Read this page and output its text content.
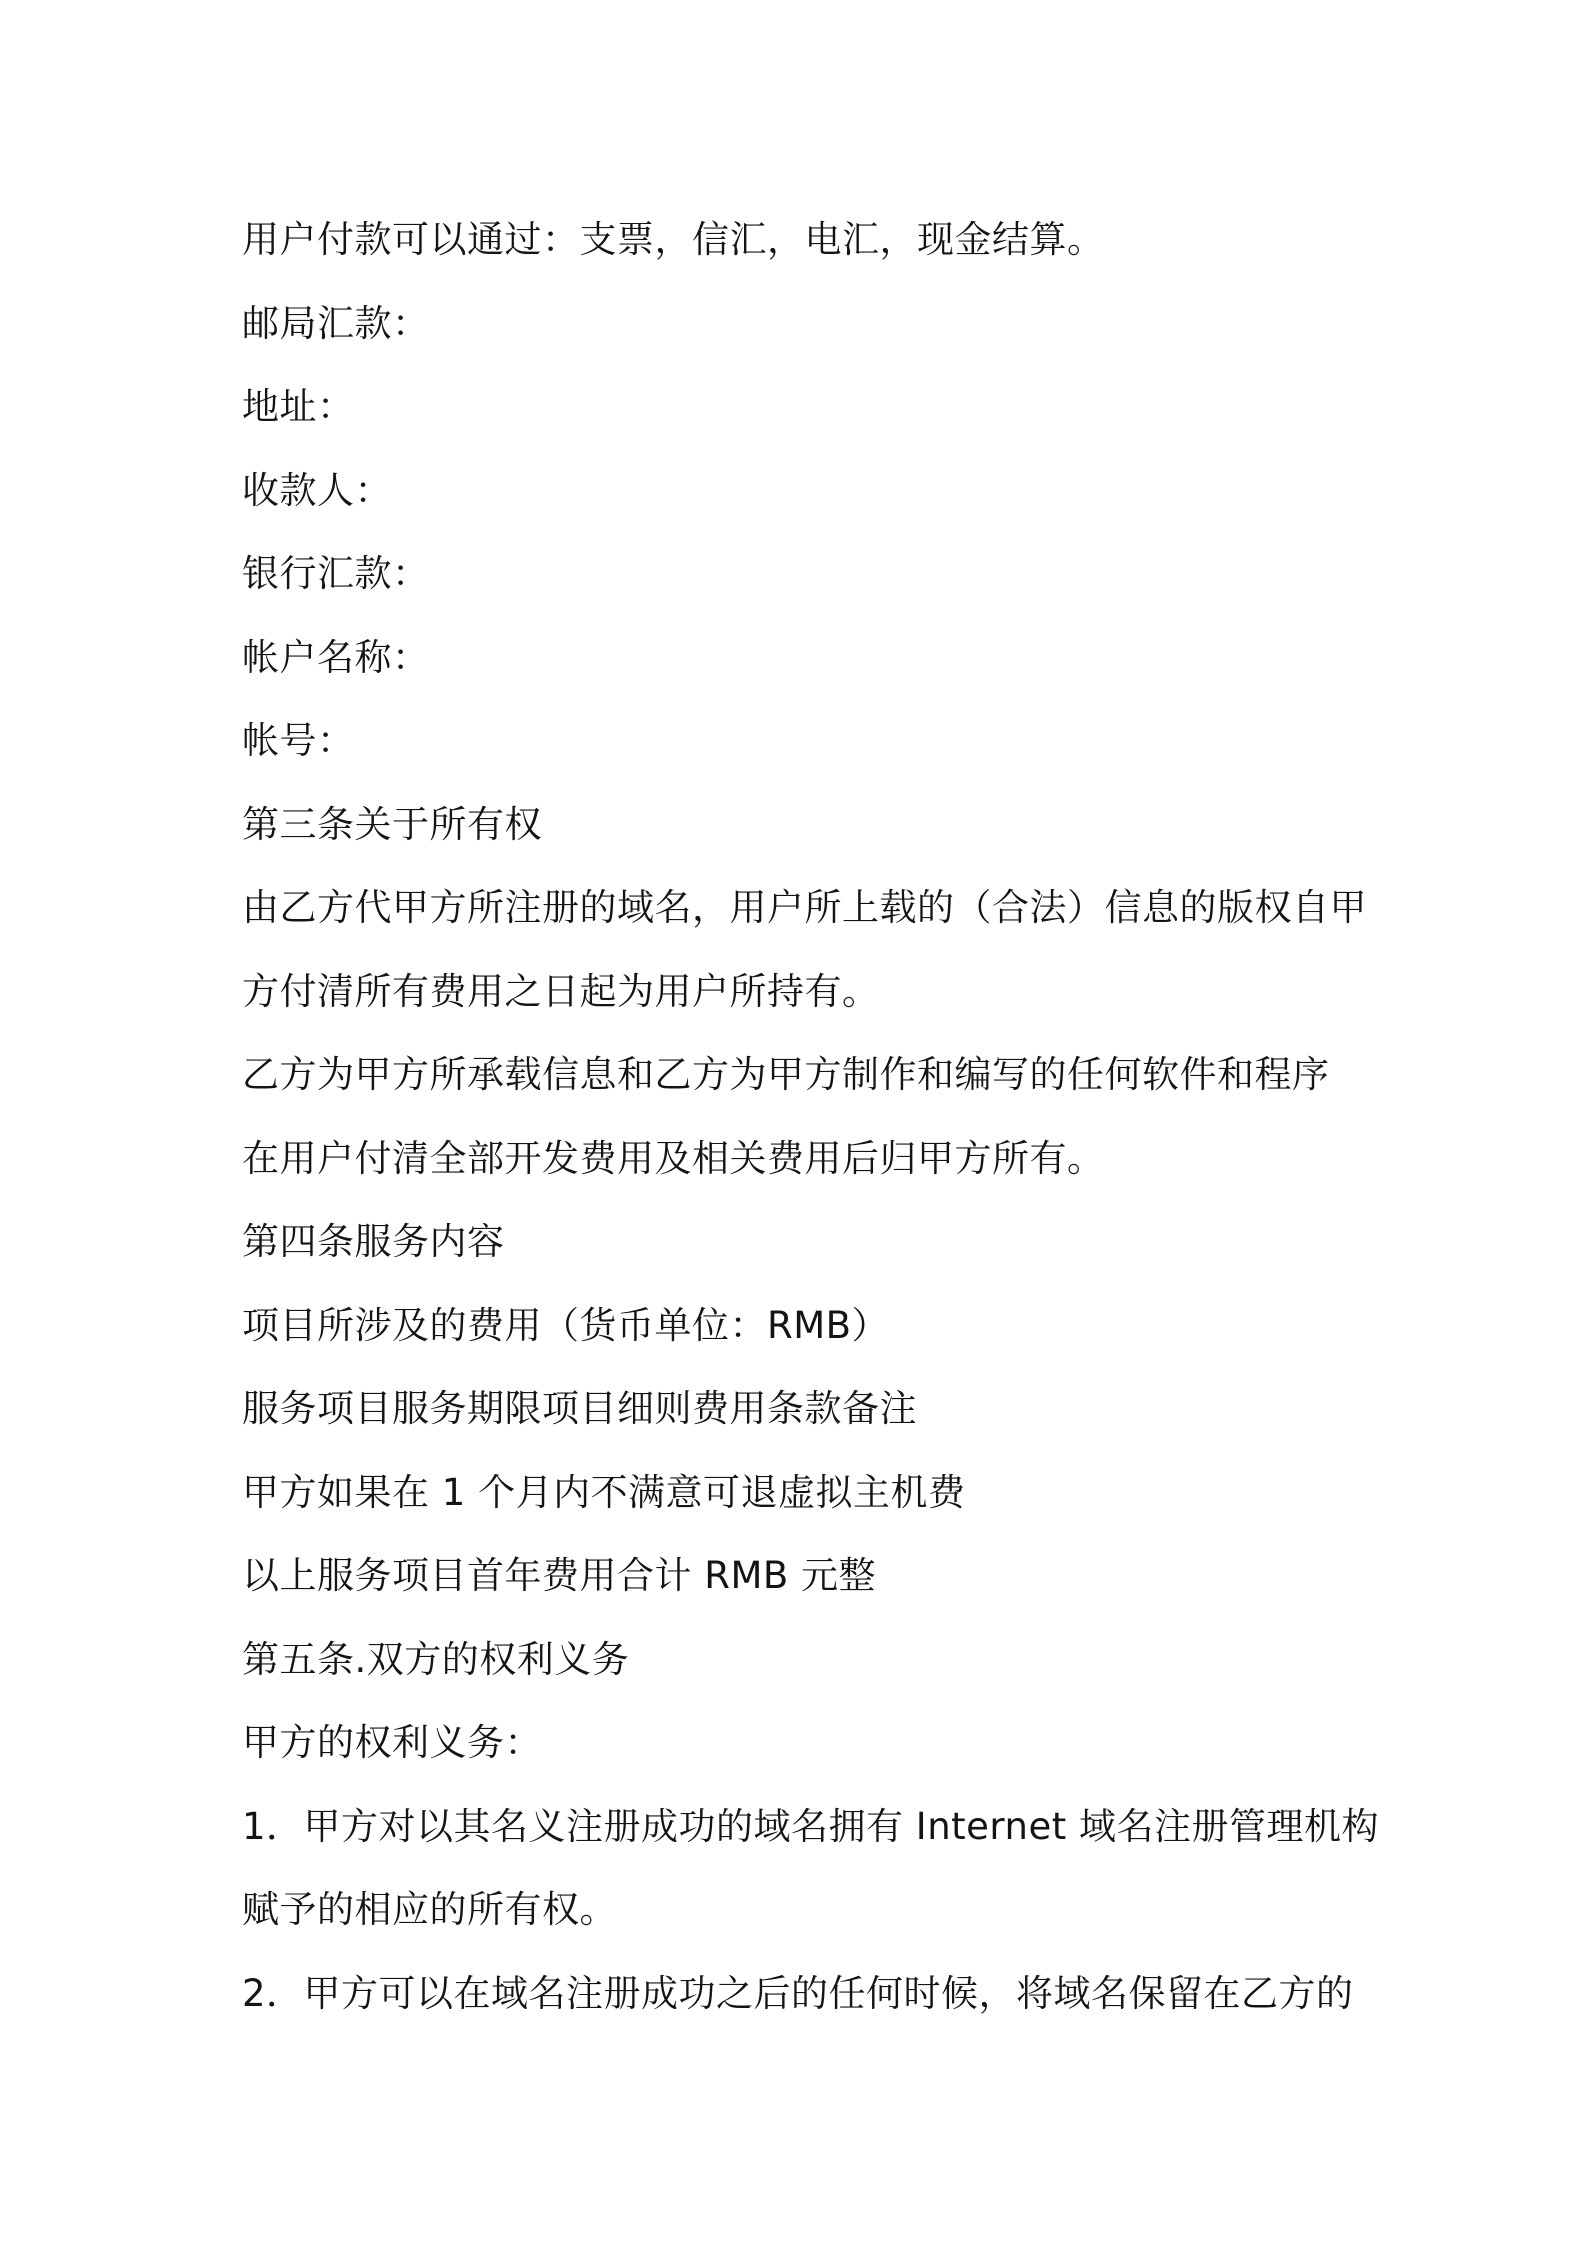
用户付款可以通过：支票，信汇，电汇，现金结算。
邮局汇款：
地址：
收款人：
银行汇款：
帐户名称：
帐号：
第三条关于所有权
由乙方代甲方所注册的域名，用户所上载的（合法）信息的版权自甲
方付清所有费用之日起为用户所持有。
乙方为甲方所承载信息和乙方为甲方制作和编写的任何软件和程序
在用户付清全部开发费用及相关费用后归甲方所有。
第四条服务内容
项目所涉及的费用（货币单位：RMB）
服务项目服务期限项目细则费用条款备注
甲方如果在 1 个月内不满意可退虚拟主机费
以上服务项目首年费用合计 RMB 元整
第五条.双方的权利义务
甲方的权利义务：
1．甲方对以其名义注册成功的域名拥有 Internet 域名注册管理机构
赋予的相应的所有权。
2．甲方可以在域名注册成功之后的任何时候，将域名保留在乙方的
